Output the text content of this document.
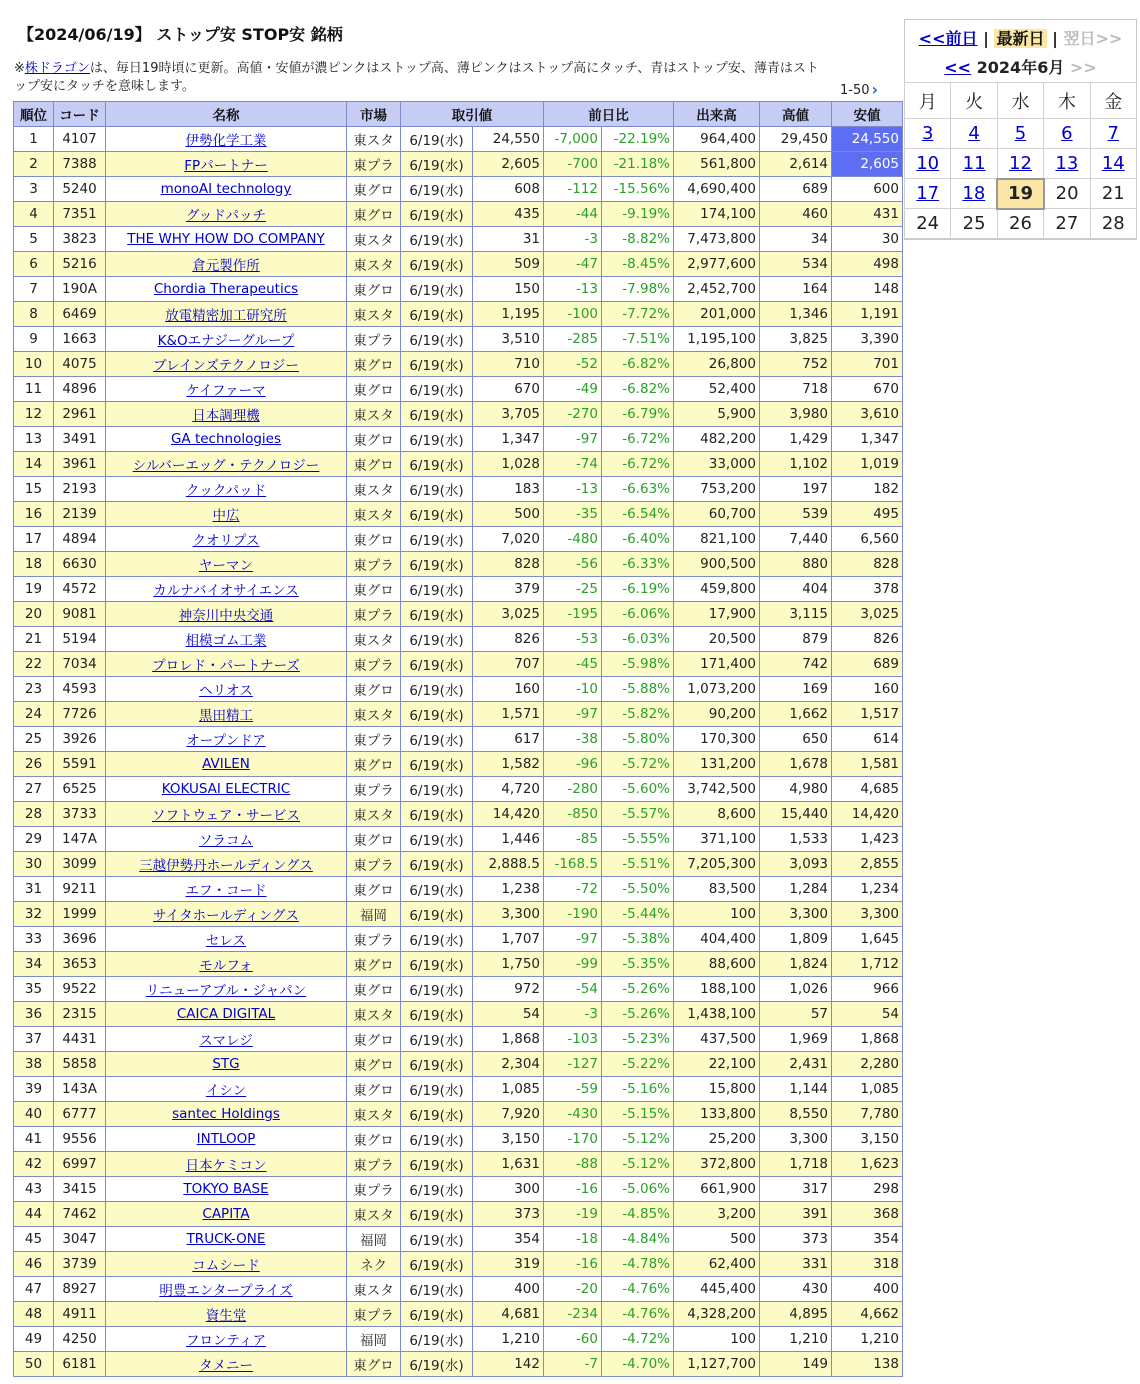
【2024/06/19】 ストップ安 STOP安 銘柄
※株ドラゴンは、毎日19時頃に更新。高値・安値が濃ピンクはストップ高、薄ピンクはストップ高にタッチ、青はストップ安、薄青はストップ安にタッチを意味します。	1-50 ›
順位	コード	名称	市場	取引値		前日比		出来高	高値	安値
1	4107	伊勢化学工業	東スタ	6/19(水)	24,550	-7,000	-22.19%	964,400	29,450	24,550
2	7388	FPパートナー	東プラ	6/19(水)	2,605	-700	-21.18%	561,800	2,614	2,605
3	5240	monoAI technology	東グロ	6/19(水)	608	-112	-15.56%	4,690,400	689	600
4	7351	グッドパッチ	東グロ	6/19(水)	435	-44	-9.19%	174,100	460	431
5	3823	THE WHY HOW DO COMPANY	東スタ	6/19(水)	31	-3	-8.82%	7,473,800	34	30
6	5216	倉元製作所	東スタ	6/19(水)	509	-47	-8.45%	2,977,600	534	498
7	190A	Chordia Therapeutics	東グロ	6/19(水)	150	-13	-7.98%	2,452,700	164	148
8	6469	放電精密加工研究所	東スタ	6/19(水)	1,195	-100	-7.72%	201,000	1,346	1,191
9	1663	K&Oエナジーグループ	東プラ	6/19(水)	3,510	-285	-7.51%	1,195,100	3,825	3,390
10	4075	ブレインズテクノロジー	東グロ	6/19(水)	710	-52	-6.82%	26,800	752	701
11	4896	ケイファーマ	東グロ	6/19(水)	670	-49	-6.82%	52,400	718	670
12	2961	日本調理機	東スタ	6/19(水)	3,705	-270	-6.79%	5,900	3,980	3,610
13	3491	GA technologies	東グロ	6/19(水)	1,347	-97	-6.72%	482,200	1,429	1,347
14	3961	シルバーエッグ・テクノロジー	東グロ	6/19(水)	1,028	-74	-6.72%	33,000	1,102	1,019
15	2193	クックパッド	東スタ	6/19(水)	183	-13	-6.63%	753,200	197	182
16	2139	中広	東スタ	6/19(水)	500	-35	-6.54%	60,700	539	495
17	4894	クオリプス	東グロ	6/19(水)	7,020	-480	-6.40%	821,100	7,440	6,560
18	6630	ヤーマン	東プラ	6/19(水)	828	-56	-6.33%	900,500	880	828
19	4572	カルナバイオサイエンス	東グロ	6/19(水)	379	-25	-6.19%	459,800	404	378
20	9081	神奈川中央交通	東プラ	6/19(水)	3,025	-195	-6.06%	17,900	3,115	3,025
21	5194	相模ゴム工業	東スタ	6/19(水)	826	-53	-6.03%	20,500	879	826
22	7034	プロレド・パートナーズ	東プラ	6/19(水)	707	-45	-5.98%	171,400	742	689
23	4593	ヘリオス	東グロ	6/19(水)	160	-10	-5.88%	1,073,200	169	160
24	7726	黒田精工	東スタ	6/19(水)	1,571	-97	-5.82%	90,200	1,662	1,517
25	3926	オープンドア	東プラ	6/19(水)	617	-38	-5.80%	170,300	650	614
26	5591	AVILEN	東グロ	6/19(水)	1,582	-96	-5.72%	131,200	1,678	1,581
27	6525	KOKUSAI ELECTRIC	東プラ	6/19(水)	4,720	-280	-5.60%	3,742,500	4,980	4,685
28	3733	ソフトウェア・サービス	東スタ	6/19(水)	14,420	-850	-5.57%	8,600	15,440	14,420
29	147A	ソラコム	東グロ	6/19(水)	1,446	-85	-5.55%	371,100	1,533	1,423
30	3099	三越伊勢丹ホールディングス	東プラ	6/19(水)	2,888.5	-168.5	-5.51%	7,205,300	3,093	2,855
31	9211	エフ・コード	東グロ	6/19(水)	1,238	-72	-5.50%	83,500	1,284	1,234
32	1999	サイタホールディングス	福岡	6/19(水)	3,300	-190	-5.44%	100	3,300	3,300
33	3696	セレス	東プラ	6/19(水)	1,707	-97	-5.38%	404,400	1,809	1,645
34	3653	モルフォ	東グロ	6/19(水)	1,750	-99	-5.35%	88,600	1,824	1,712
35	9522	リニューアブル・ジャパン	東グロ	6/19(水)	972	-54	-5.26%	188,100	1,026	966
36	2315	CAICA DIGITAL	東スタ	6/19(水)	54	-3	-5.26%	1,438,100	57	54
37	4431	スマレジ	東グロ	6/19(水)	1,868	-103	-5.23%	437,500	1,969	1,868
38	5858	STG	東グロ	6/19(水)	2,304	-127	-5.22%	22,100	2,431	2,280
39	143A	イシン	東グロ	6/19(水)	1,085	-59	-5.16%	15,800	1,144	1,085
40	6777	santec Holdings	東スタ	6/19(水)	7,920	-430	-5.15%	133,800	8,550	7,780
41	9556	INTLOOP	東グロ	6/19(水)	3,150	-170	-5.12%	25,200	3,300	3,150
42	6997	日本ケミコン	東プラ	6/19(水)	1,631	-88	-5.12%	372,800	1,718	1,623
43	3415	TOKYO BASE	東プラ	6/19(水)	300	-16	-5.06%	661,900	317	298
44	7462	CAPITA	東スタ	6/19(水)	373	-19	-4.85%	3,200	391	368
45	3047	TRUCK-ONE	福岡	6/19(水)	354	-18	-4.84%	500	373	354
46	3739	コムシード	ネク	6/19(水)	319	-16	-4.78%	62,400	331	318
47	8927	明豊エンタープライズ	東スタ	6/19(水)	400	-20	-4.76%	445,400	430	400
48	4911	資生堂	東プラ	6/19(水)	4,681	-234	-4.76%	4,328,200	4,895	4,662
49	4250	フロンティア	福岡	6/19(水)	1,210	-60	-4.72%	100	1,210	1,210
50	6181	タメニー	東グロ	6/19(水)	142	-7	-4.70%	1,127,700	149	138
<<前日 | 最新日 | 翌日>>
<< 2024年6月 >>
月	火	水	木	金
3	4	5	6	7
10	11	12	13	14
17	18	19	20	21
24	25	26	27	28
